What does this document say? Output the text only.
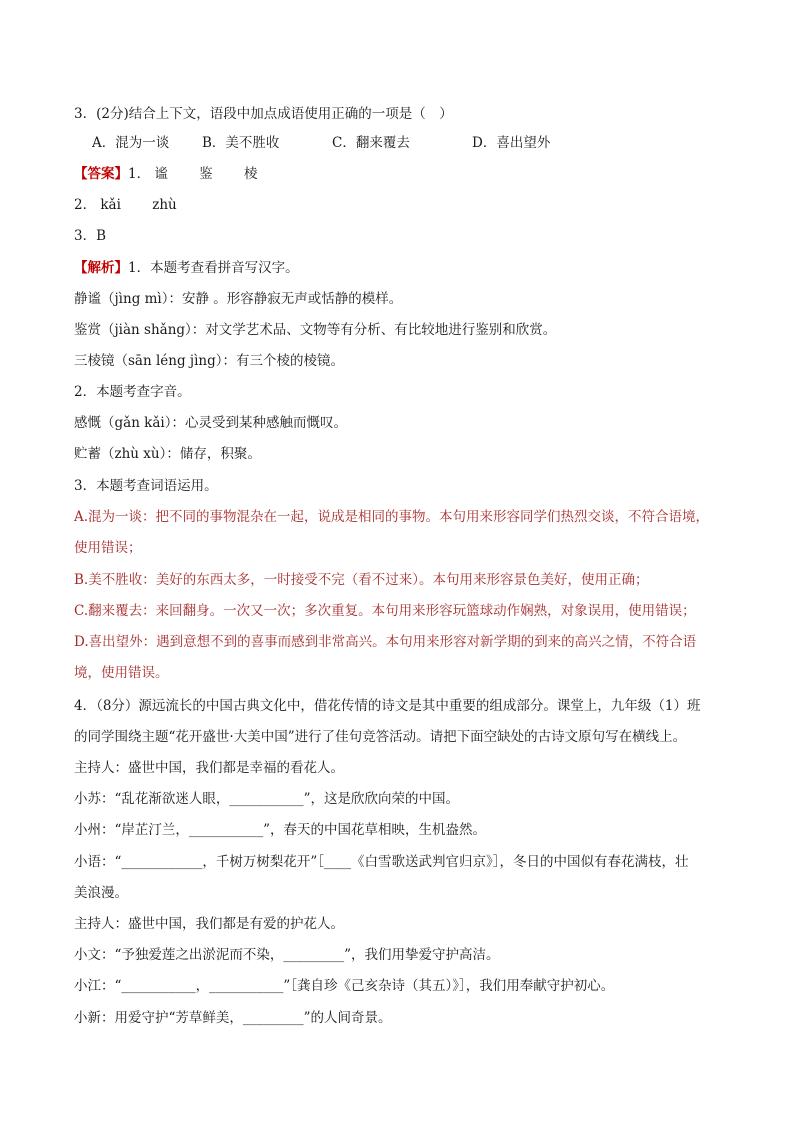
3．(2分)结合上下文，语段中加点成语使用正确的一项是（　）
A．混为一谈 B．美不胜收	C．翻来覆去	D．喜出望外
【答案】1． 谧　　 鉴　　 棱
2． kǎi　　 zhù
3．B
【解析】1．本题考查看拼音写汉字。
静谧（jìng mì）：安静 。形容静寂无声或恬静的模样。
鉴赏（jiàn shǎng）：对文学艺术品、文物等有分析、有比较地进行鉴别和欣赏。
三棱镜（sān léng jìng）：有三个棱的棱镜。
2．本题考查字音。
感慨（gǎn kǎi）：心灵受到某种感触而慨叹。
贮蓄（zhù xù）：储存，积聚。
3．本题考查词语运用。
A.混为一谈：把不同的事物混杂在一起，说成是相同的事物。本句用来形容同学们热烈交谈，不符合语境，
使用错误；
B.美不胜收：美好的东西太多，一时接受不完（看不过来）。本句用来形容景色美好，使用正确；
C.翻来覆去：来回翻身。一次又一次；多次重复。本句用来形容玩篮球动作娴熟，对象误用，使用错误；
D.喜出望外：遇到意想不到的喜事而感到非常高兴。本句用来形容对新学期的到来的高兴之情，不符合语
境，使用错误。
4．（8分）源远流长的中国古典文化中，借花传情的诗文是其中重要的组成部分。课堂上，九年级（1）班
的同学围绕主题“花开盛世·大美中国”进行了佳句竞答活动。请把下面空缺处的古诗文原句写在横线上。
主持人：盛世中国，我们都是幸福的看花人。
小苏：“乱花渐欲迷人眼，___________”，这是欣欣向荣的中国。
小州：“岸芷汀兰，___________”，春天的中国花草相映，生机盎然。
小语：“____________，千树万树梨花开”［____《白雪歌送武判官归京》］，冬日的中国似有春花满枝，壮
美浪漫。
主持人：盛世中国，我们都是有爱的护花人。
小文：“予独爱莲之出淤泥而不染，_________”，我们用挚爱守护高洁。
小江：“___________，___________”［龚自珍《己亥杂诗（其五）》］，我们用奉献守护初心。
小新：用爱守护“芳草鲜美，_________”的人间奇景。
